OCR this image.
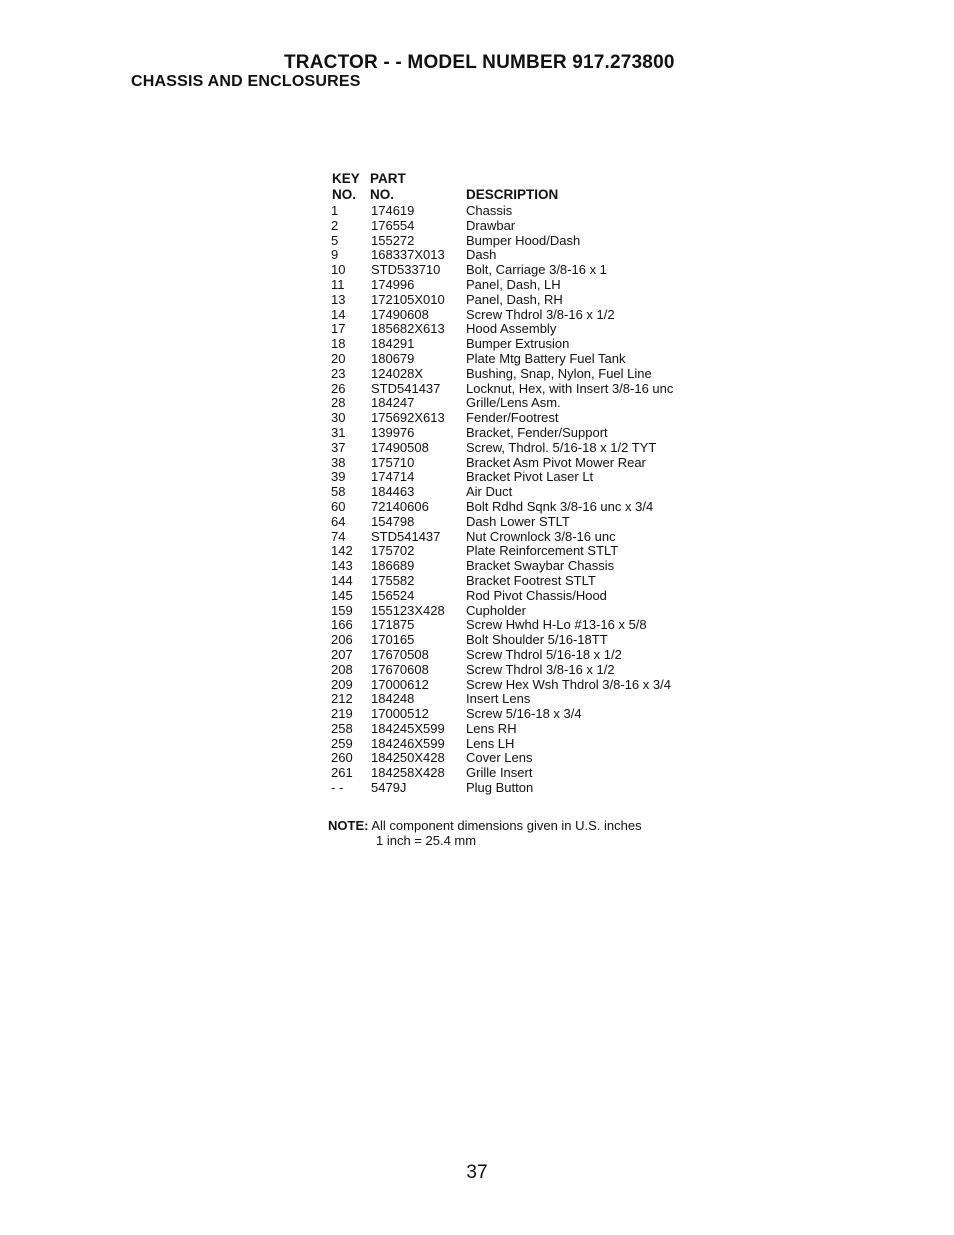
TRACTOR - - MODEL NUMBER 917.273800
CHASSIS AND ENCLOSURES
KEY PART
NO. NO.	DESCRIPTION
1	174619	Chassis
2	176554	Drawbar
5	155272	Bumper Hood/Dash
9	168337X013 Dash
10 STD533710 Bolt, Carriage 3/8-16 x 1
11 174996	Panel, Dash, LH
13 172105X010 Panel, Dash, RH
14 17490608	Screw Thdrol 3/8-16 x 1/2
17 185682X613 Hood Assembly
18 184291	Bumper Extrusion
20 180679	Plate Mtg Battery Fuel Tank
23 124028X	Bushing, Snap, Nylon, Fuel Line
26 STD541437 Locknut, Hex, with Insert 3/8-16 unc
28 184247	Grille/Lens Asm.
30 175692X613 Fender/Footrest
31 139976	Bracket, Fender/Support
37 17490508	Screw, Thdrol. 5/16-18 x 1/2 TYT
38 175710	Bracket Asm Pivot Mower Rear
39 174714	Bracket Pivot Laser Lt
58 184463	Air Duct
60 72140606	Bolt Rdhd Sqnk 3/8-16 unc x 3/4
64 154798	Dash Lower STLT
74 STD541437 Nut Crownlock 3/8-16 unc
142 175702	Plate Reinforcement STLT
143 186689	Bracket Swaybar Chassis
144 175582	Bracket Footrest STLT
145 156524	Rod Pivot Chassis/Hood
159 155123X428 Cupholder
166 171875	Screw Hwhd H-Lo #13-16 x 5/8
206 170165	Bolt Shoulder 5/16-18TT
207 17670508	Screw Thdrol 5/16-18 x 1/2
208 17670608	Screw Thdrol 3/8-16 x 1/2
209 17000612	Screw Hex Wsh Thdrol 3/8-16 x 3/4
212 184248	Insert Lens
219 17000512	Screw 5/16-18 x 3/4
258 184245X599 Lens RH
259 184246X599 Lens LH
260 184250X428 Cover Lens
261 184258X428 Grille Insert
- - 5479J	Plug Button
NOTE: All component dimensions given in U.S. inches
1 inch = 25.4 mm
37
